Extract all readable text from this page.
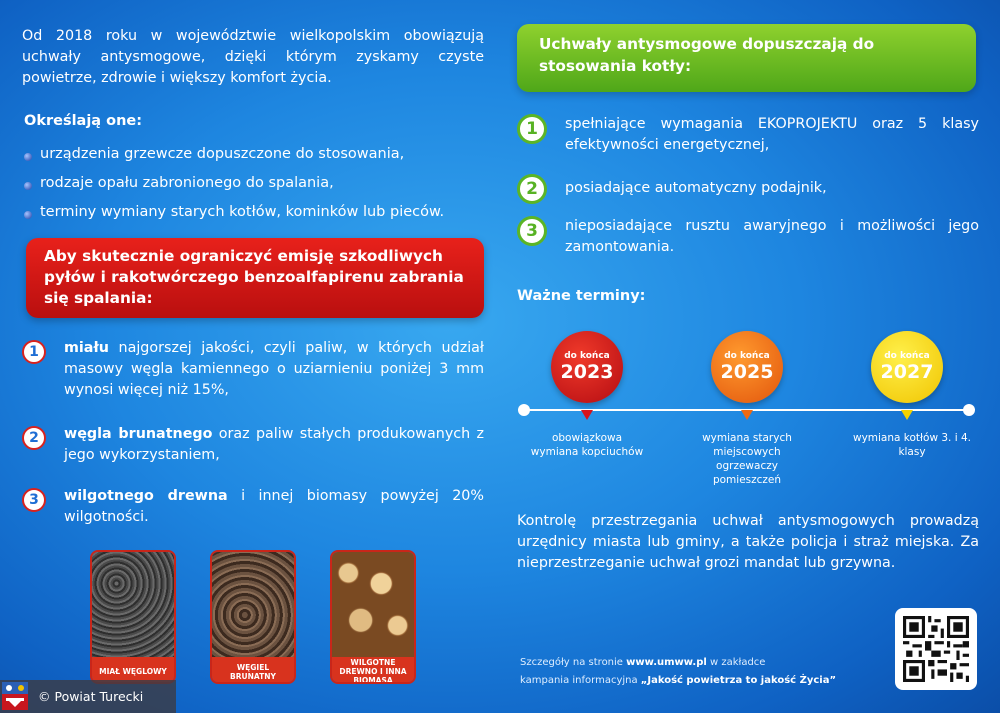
Od 2018 roku w województwie wielkopolskim obowiązują uchwały antysmogowe, dzięki którym zyskamy czyste powietrze, zdrowie i większy komfort życia.

Określają one:
urządzenia grzewcze dopuszczone do stosowania,
rodzaje opału zabronionego do spalania,
terminy wymiany starych kotłów, kominków lub pieców.
Aby skutecznie ograniczyć emisję szkodliwych pyłów i rakotwórczego benzoalfapirenu zabrania się spalania:
1	miału najgorszej jakości, czyli paliw, w których udział masowy węgla kamiennego o uziarnieniu poniżej 3 mm wynosi więcej niż 15%,

2	węgla brunatnego oraz paliw stałych produkowanych z jego wykorzystaniem,

3	wilgotnego drewna i innej biomasy powyżej 20% wilgotności.

MIAŁ WĘGLOWY	WĘGIEL BRUNATNY
WILGOTNE DREWNO I INNA BIOMASA
Uchwały antysmogowe dopuszczają do stosowania kotły:
1	spełniające wymagania EKOPROJEKTU oraz 5 klasy efektywności energetycznej,

2	posiadające automatyczny podajnik,

3	nieposiadające rusztu awaryjnego i możliwości jego zamontowania.

Ważne terminy:
do końca
2023
do końca
2025
do końca
2027
obowiązkowa wymiana kopciuchów
wymiana starych miejscowych ogrzewaczy pomieszczeń
wymiana kotłów 3. i 4. klasy

Kontrolę przestrzegania uchwał antysmogowych prowadzą urzędnicy miasta lub gminy, a także policja i straż miejska. Za nieprzestrzeganie uchwał grozi mandat lub grzywna.

Szczegóły na stronie www.umww.pl w zakładce
kampania informacyjna „Jakość powietrza to jakość Życia”
© Powiat Turecki
